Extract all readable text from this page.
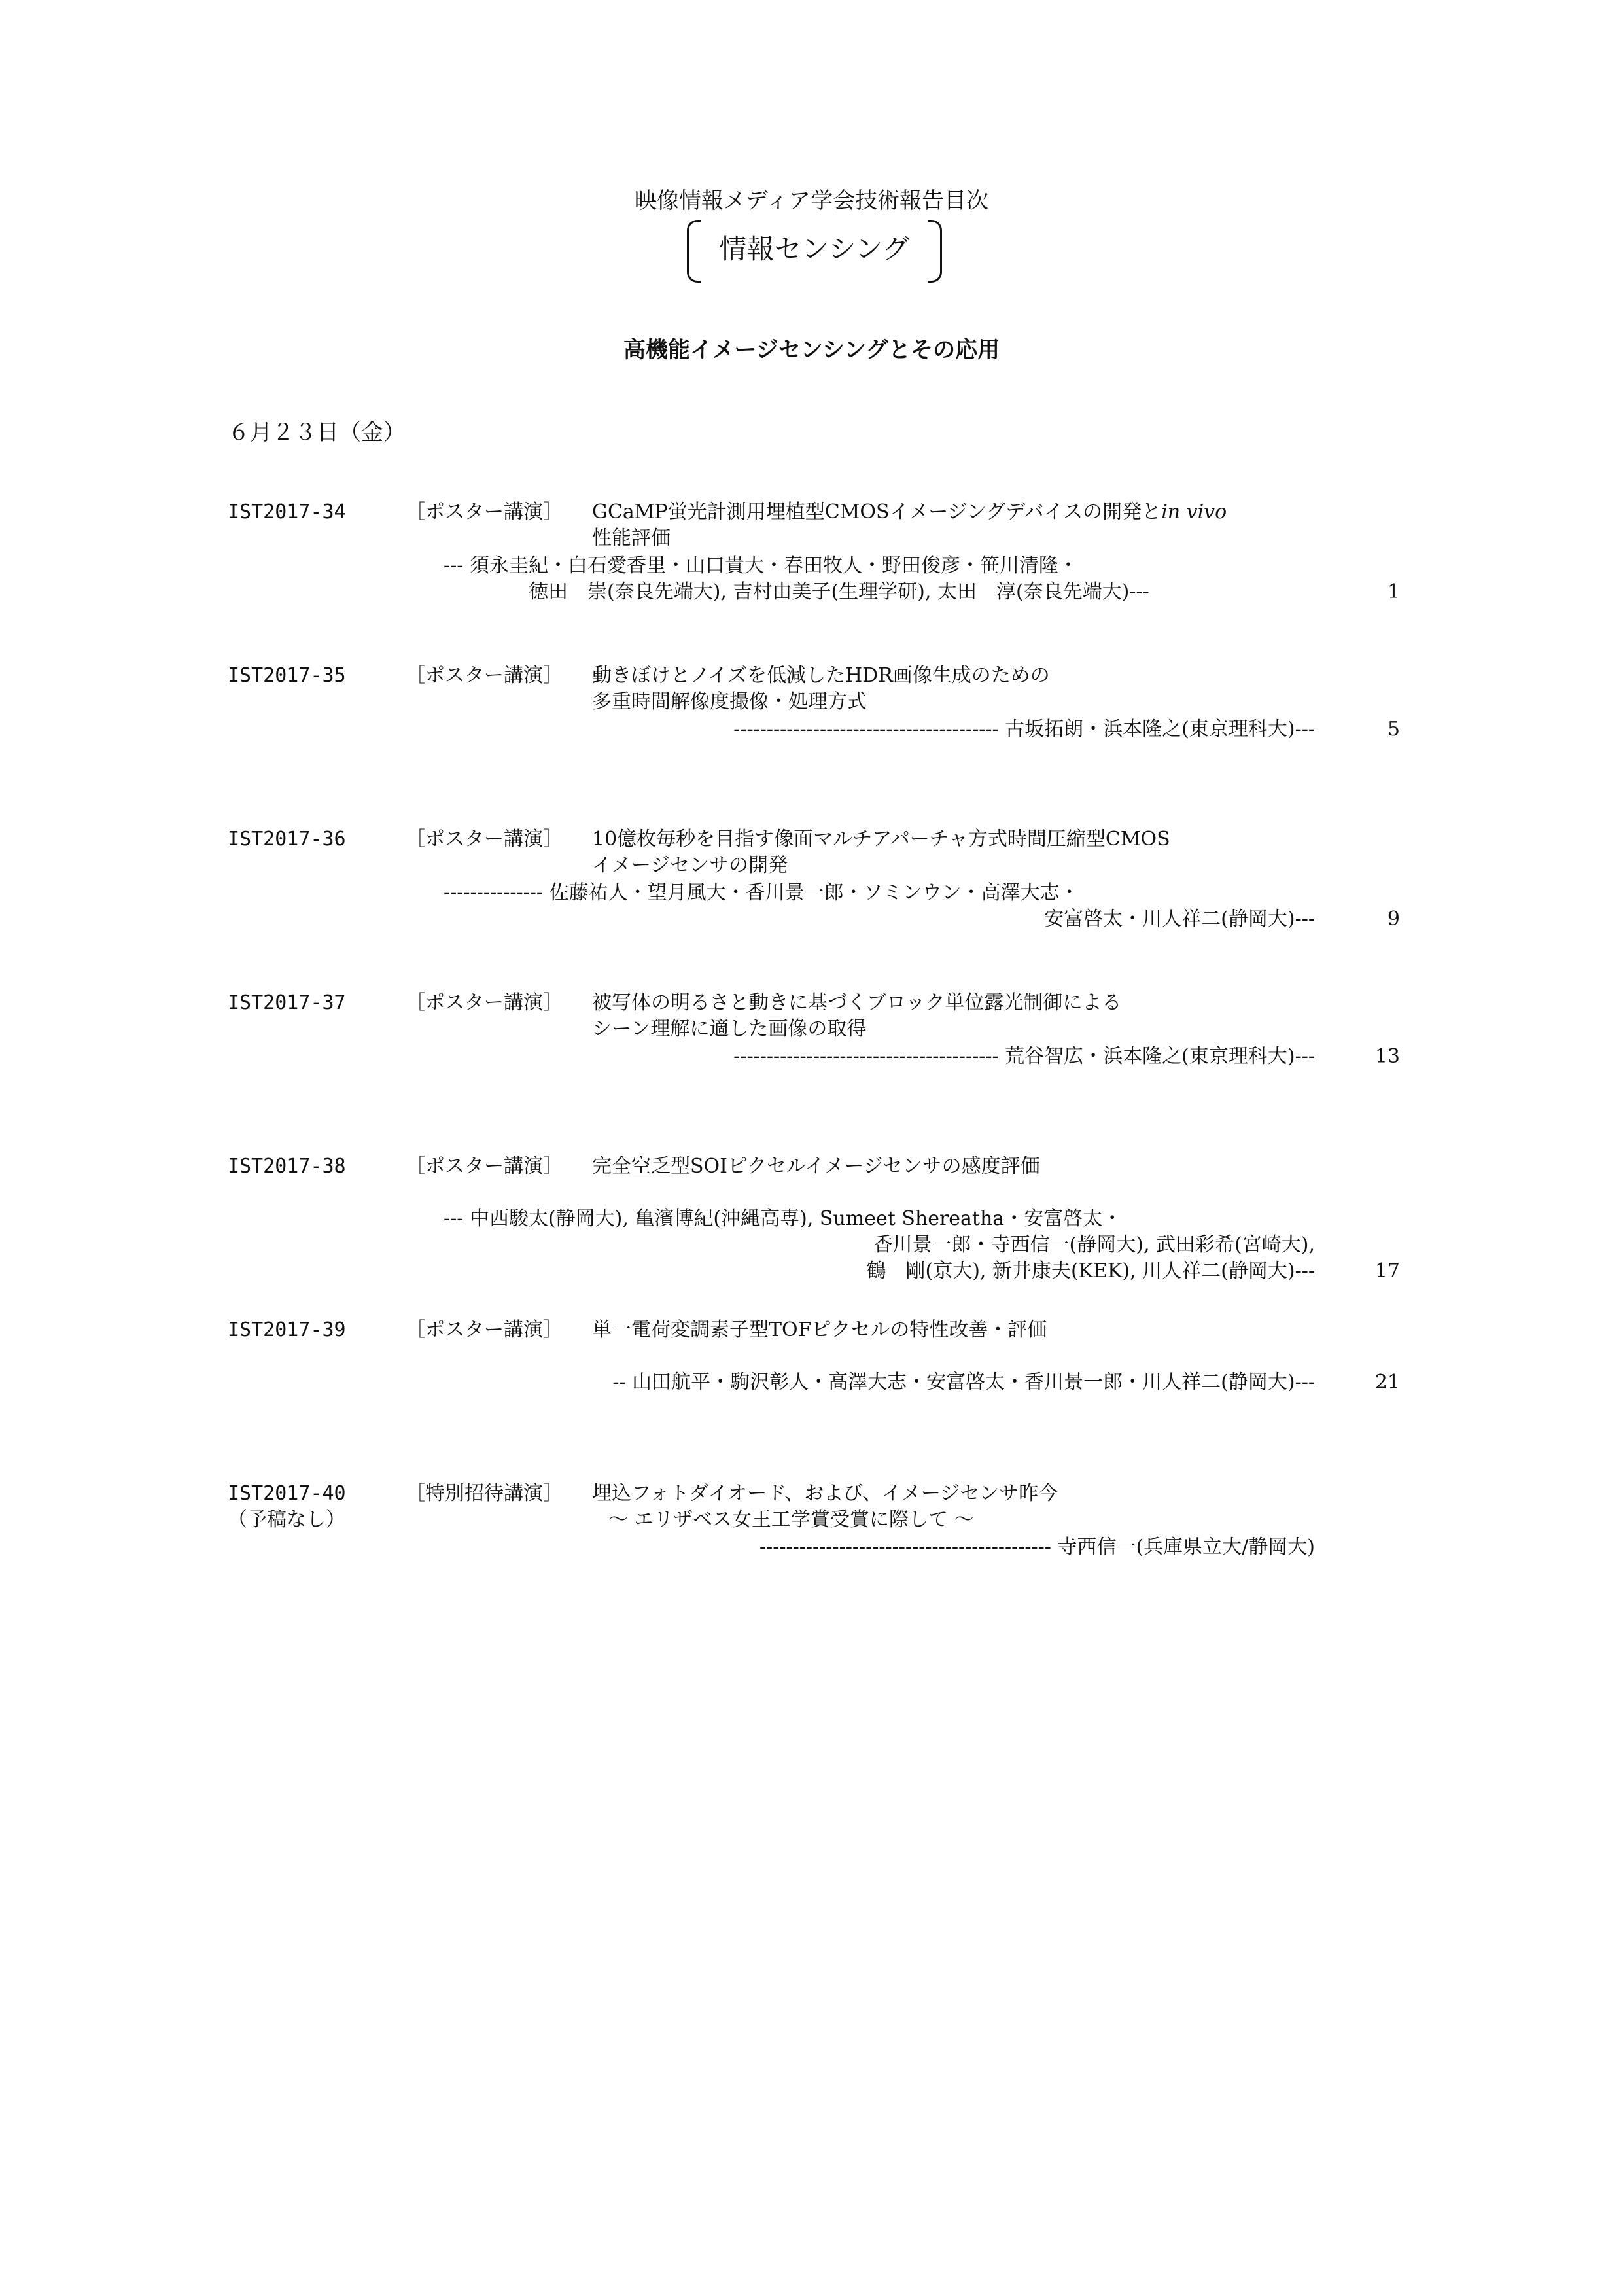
映像情報メディア学会技術報告目次
情報センシング
高機能イメージセンシングとその応用
６月２３日（金）
IST2017-34	［ポスター講演］ GCaMP蛍光計測用埋植型CMOSイメージングデバイスの開発とin vivo
性能評価
--- 須永圭紀・白石愛香里・山口貴大・春田牧人・野田俊彦・笹川清隆・
徳田　崇(奈良先端大), 吉村由美子(生理学研), 太田　淳(奈良先端大)---	1
IST2017-35	［ポスター講演］ 動きぼけとノイズを低減したHDR画像生成のための
多重時間解像度撮像・処理方式
---------------------------------------- 古坂拓朗・浜本隆之(東京理科大)---	5
IST2017-36	［ポスター講演］ 10億枚毎秒を目指す像面マルチアパーチャ方式時間圧縮型CMOS
イメージセンサの開発
--------------- 佐藤祐人・望月風大・香川景一郎・ソミンウン・高澤大志・
安富啓太・川人祥二(静岡大)---	9
IST2017-37	［ポスター講演］ 被写体の明るさと動きに基づくブロック単位露光制御による
シーン理解に適した画像の取得
---------------------------------------- 荒谷智広・浜本隆之(東京理科大)---	13
IST2017-38	［ポスター講演］ 完全空乏型SOIピクセルイメージセンサの感度評価
--- 中西駿太(静岡大), 亀濱博紀(沖縄高専), Sumeet Shereatha・安富啓太・
香川景一郎・寺西信一(静岡大), 武田彩希(宮崎大),
鶴　剛(京大), 新井康夫(KEK), 川人祥二(静岡大)---	17
IST2017-39	［ポスター講演］ 単一電荷変調素子型TOFピクセルの特性改善・評価
-- 山田航平・駒沢彰人・高澤大志・安富啓太・香川景一郎・川人祥二(静岡大)---	21
IST2017-40
（予稿なし）
［特別招待講演］ 埋込フォトダイオード、および、イメージセンサ昨今
～ エリザベス女王工学賞受賞に際して ～
-------------------------------------------- 寺西信一(兵庫県立大/静岡大)
